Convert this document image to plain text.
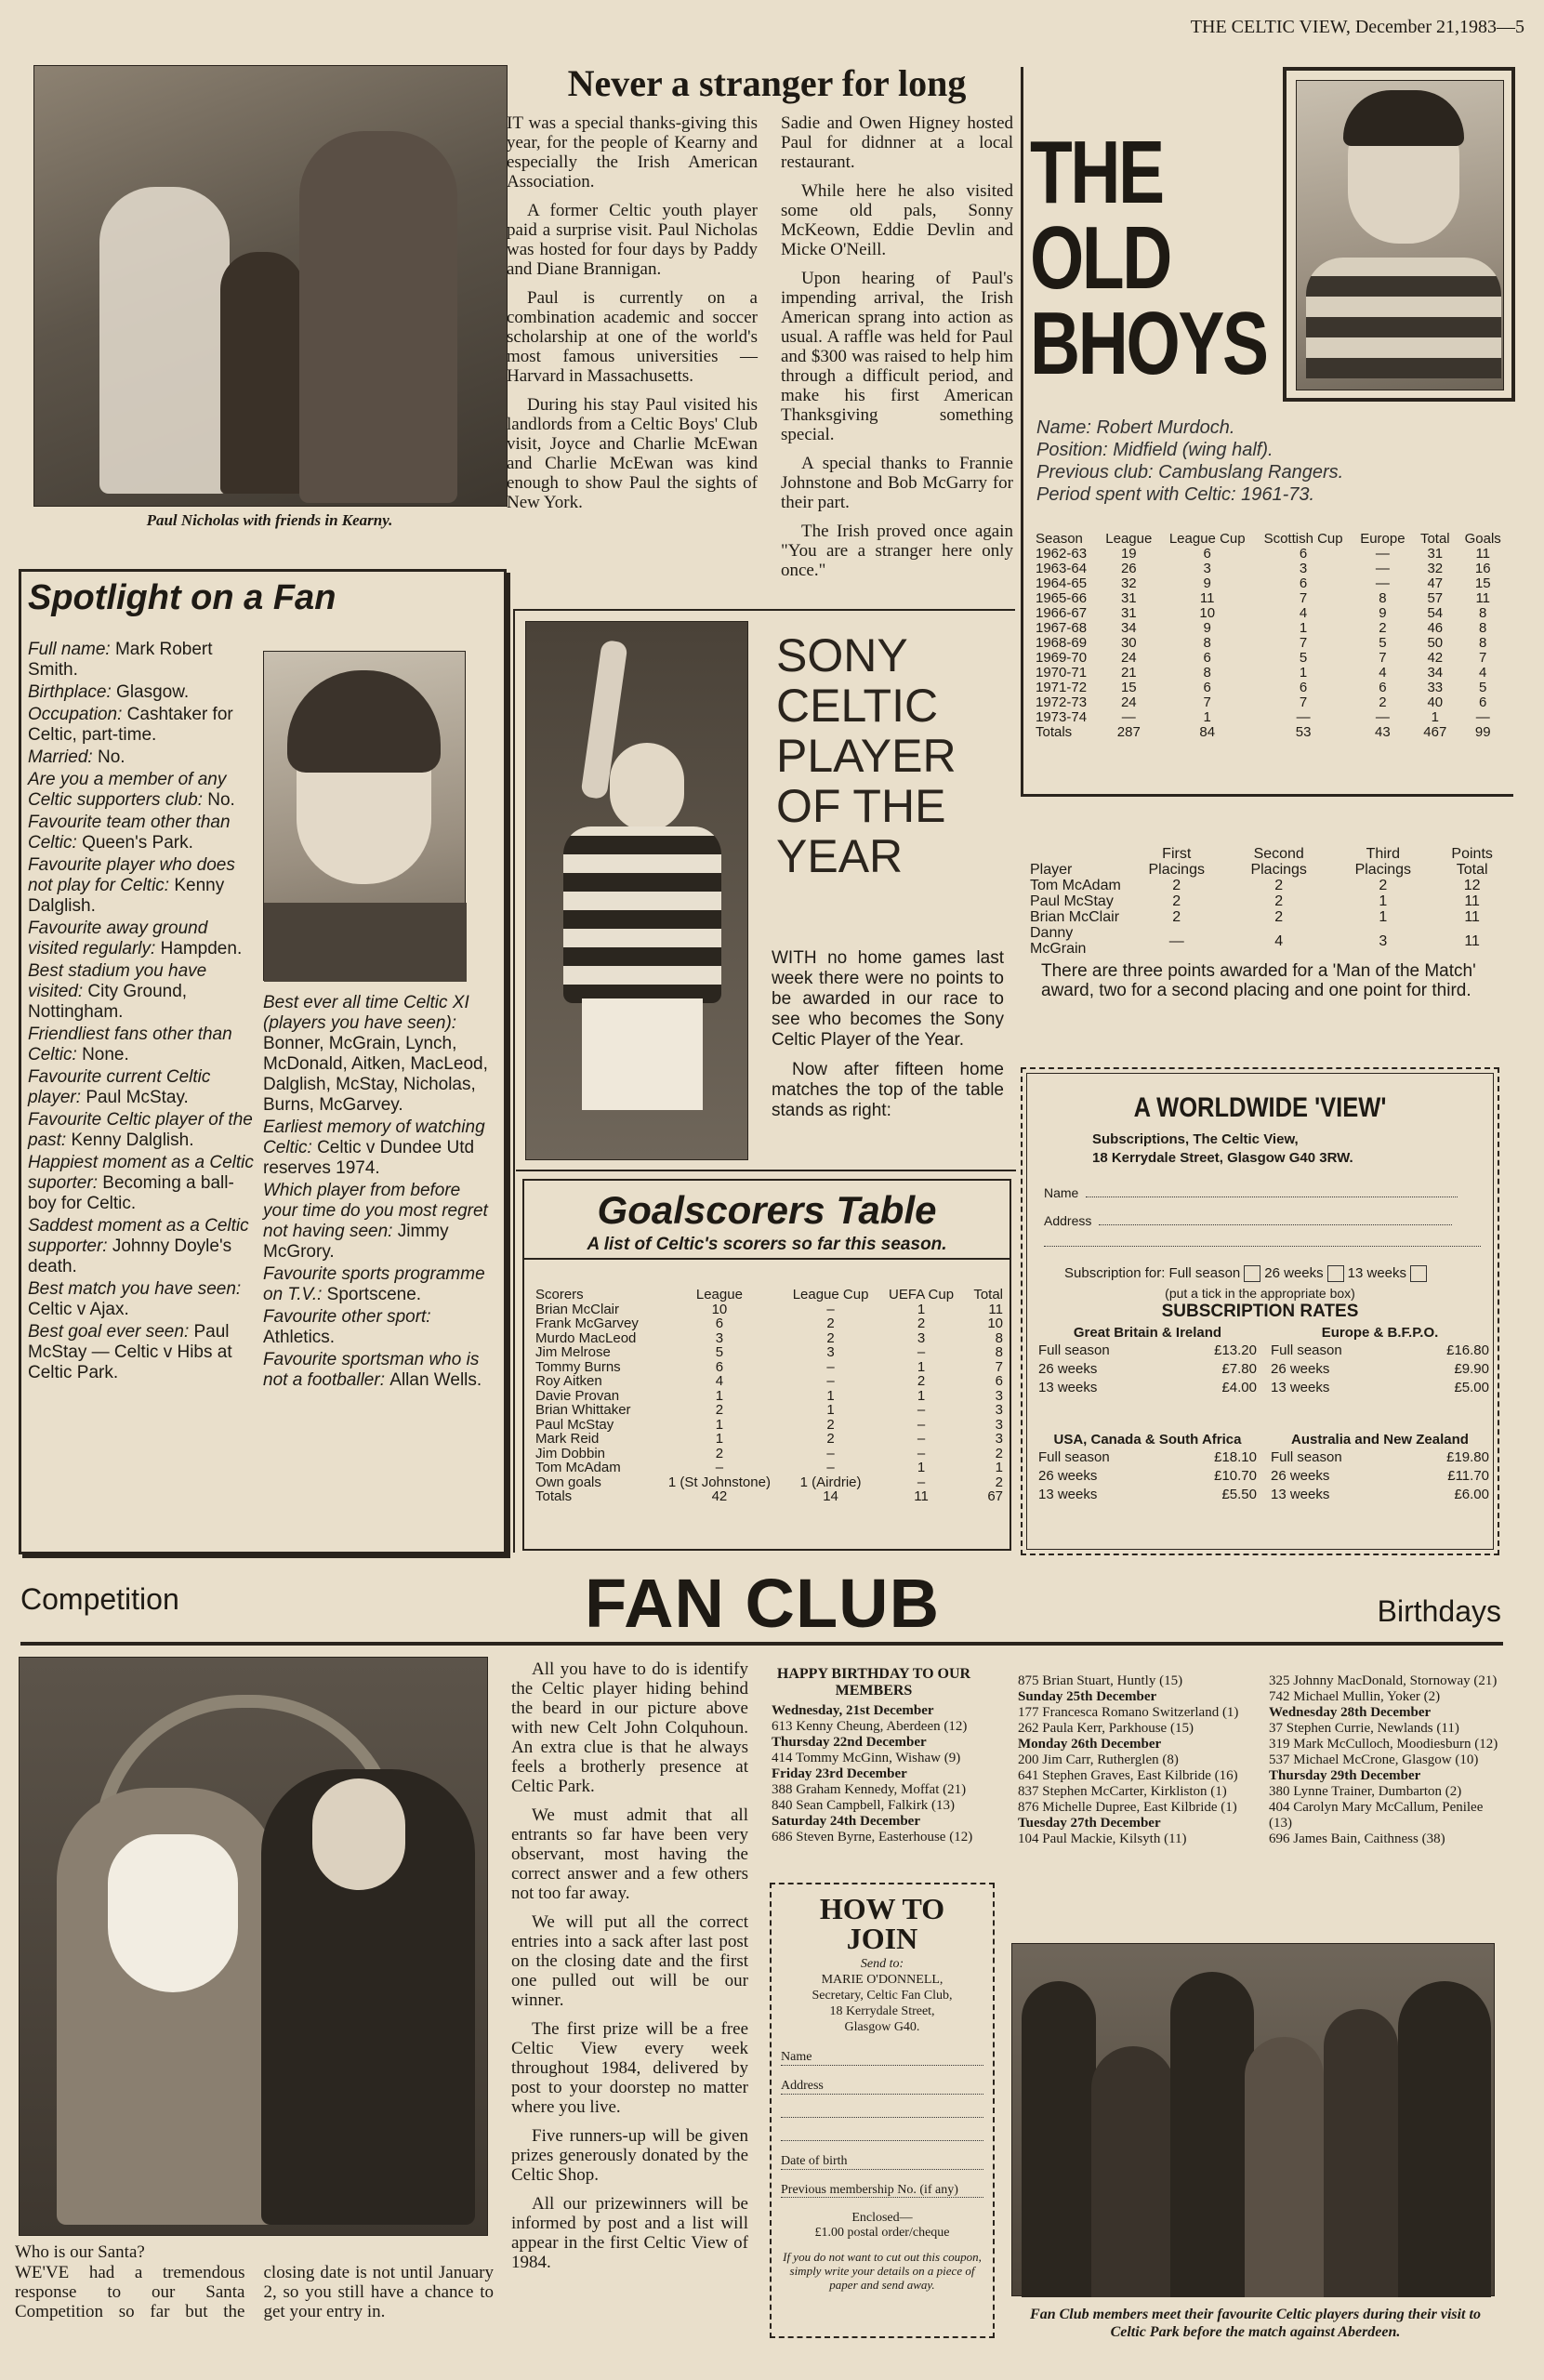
THE CELTIC VIEW, December 21,1983—5
Paul Nicholas with friends in Kearny.
Never a stranger for long

IT was a special thanks-giving this year, for the people of Kearny and especially the Irish American Association.

A former Celtic youth player paid a surprise visit. Paul Nicholas was hosted for four days by Paddy and Diane Brannigan.

Paul is currently on a combination academic and soccer scholarship at one of the world's most famous universities — Harvard in Massachusetts.

During his stay Paul visited his landlords from a Celtic Boys' Club visit, Joyce and Charlie McEwan and Charlie McEwan was kind enough to show Paul the sights of New York.

Sadie and Owen Higney hosted Paul for didnner at a local restaurant.

While here he also visited some old pals, Sonny McKeown, Eddie Devlin and Micke O'Neill.

Upon hearing of Paul's impending arrival, the Irish American sprang into action as usual. A raffle was held for Paul and $300 was raised to help him through a difficult period, and make his first American Thanksgiving something special.

A special thanks to Frannie Johnstone and Bob McGarry for their part.

The Irish proved once again "You are a stranger here only once."

THE
OLD
BHOYS
Name: Robert Murdoch.
Position: Midfield (wing half).
Previous club: Cambuslang Rangers.
Period spent with Celtic: 1961-73.
Season	League	League Cup	Scottish Cup	Europe	Total	Goals
1962-63	19	6	6	—	31	11
1963-64	26	3	3	—	32	16
1964-65	32	9	6	—	47	15
1965-66	31	11	7	8	57	11
1966-67	31	10	4	9	54	8
1967-68	34	9	1	2	46	8
1968-69	30	8	7	5	50	8
1969-70	24	6	5	7	42	7
1970-71	21	8	1	4	34	4
1971-72	15	6	6	6	33	5
1972-73	24	7	7	2	40	6
1973-74	—	1	—	—	1	—
Totals	287	84	53	43	467	99
Spotlight on a Fan
Full name: Mark Robert Smith.
Birthplace: Glasgow.
Occupation: Cashtaker for Celtic, part-time.
Married: No.
Are you a member of any Celtic supporters club: No.
Favourite team other than Celtic: Queen's Park.
Favourite player who does not play for Celtic: Kenny Dalglish.
Favourite away ground visited regularly: Hampden.
Best stadium you have visited: City Ground, Nottingham.
Friendliest fans other than Celtic: None.
Favourite current Celtic player: Paul McStay.
Favourite Celtic player of the past: Kenny Dalglish.
Happiest moment as a Celtic suporter: Becoming a ball-boy for Celtic.
Saddest moment as a Celtic supporter: Johnny Doyle's death.
Best match you have seen: Celtic v Ajax.
Best goal ever seen: Paul McStay — Celtic v Hibs at Celtic Park.
Best ever all time Celtic XI (players you have seen): Bonner, McGrain, Lynch, McDonald, Aitken, MacLeod, Dalglish, McStay, Nicholas, Burns, McGarvey.
Earliest memory of watching Celtic: Celtic v Dundee Utd reserves 1974.
Which player from before your time do you most regret not having seen: Jimmy McGrory.
Favourite sports programme on T.V.: Sportscene.
Favourite other sport: Athletics.
Favourite sportsman who is not a footballer: Allan Wells.
SONY
CELTIC
PLAYER
OF THE
YEAR

WITH no home games last week there were no points to be awarded in our race to see who becomes the Sony Celtic Player of the Year.

Now after fifteen home matches the top of the table stands as right:

Player	First Placings	Second Placings	Third Placings	Points Total
Tom McAdam	2	2	2	12
Paul McStay	2	2	1	11
Brian McClair	2	2	1	11
Danny McGrain	—	4	3	11
There are three points awarded for a 'Man of the Match' award, two for a second placing and one point for third.
Goalscorers Table
A list of Celtic's scorers so far this season.
Scorers	League	League Cup	UEFA Cup	Total
Brian McClair	10	–	1	11
Frank McGarvey	6	2	2	10
Murdo MacLeod	3	2	3	8
Jim Melrose	5	3	–	8
Tommy Burns	6	–	1	7
Roy Aitken	4	–	2	6
Davie Provan	1	1	1	3
Brian Whittaker	2	1	–	3
Paul McStay	1	2	–	3
Mark Reid	1	2	–	3
Jim Dobbin	2	–	–	2
Tom McAdam	–	–	1	1
Own goals	1 (St Johnstone)	1 (Airdrie)	–	2
Totals	42	14	11	67
A WORLDWIDE 'VIEW'
Subscriptions, The Celtic View,
18 Kerrydale Street, Glasgow G40 3RW.
Name
Address
Subscription for: Full season 26 weeks 13 weeks
(put a tick in the appropriate box)
SUBSCRIPTION RATES
Great Britain & Ireland
Full season	£13.20
26 weeks	£7.80
13 weeks	£4.00
Europe & B.F.P.O.
Full season	£16.80
26 weeks	£9.90
13 weeks	£5.00
USA, Canada & South Africa
Full season	£18.10
26 weeks	£10.70
13 weeks	£5.50
Australia and New Zealand
Full season	£19.80
26 weeks	£11.70
13 weeks	£6.00
Competition	FAN CLUB	Birthdays
Who is our Santa?
WE'VE had a tremendous response to our Santa Competition so far but the closing date is not until January 2, so you still have a chance to get your entry in.

All you have to do is identify the Celtic player hiding behind the beard in our picture above with new Celt John Colquhoun. An extra clue is that he always feels a brotherly presence at Celtic Park.

We must admit that all entrants so far have been very observant, most having the correct answer and a few others not too far away.

We will put all the correct entries into a sack after last post on the closing date and the first one pulled out will be our winner.

The first prize will be a free Celtic View every week throughout 1984, delivered by post to your doorstep no matter where you live.

Five runners-up will be given prizes generously donated by the Celtic Shop.

All our prizewinners will be informed by post and a list will appear in the first Celtic View of 1984.

HAPPY BIRTHDAY TO OUR MEMBERS
Wednesday, 21st December
613 Kenny Cheung, Aberdeen (12)
Thursday 22nd December
414 Tommy McGinn, Wishaw (9)
Friday 23rd December
388 Graham Kennedy, Moffat (21)
840 Sean Campbell, Falkirk (13)
Saturday 24th December
686 Steven Byrne, Easterhouse (12)
875 Brian Stuart, Huntly (15)
Sunday 25th December
177 Francesca Romano Switzerland (1)
262 Paula Kerr, Parkhouse (15)
Monday 26th December
200 Jim Carr, Rutherglen (8)
641 Stephen Graves, East Kilbride (16)
837 Stephen McCarter, Kirkliston (1)
876 Michelle Dupree, East Kilbride (1)
Tuesday 27th December
104 Paul Mackie, Kilsyth (11)
325 Johnny MacDonald, Stornoway (21)
742 Michael Mullin, Yoker (2)
Wednesday 28th December
37 Stephen Currie, Newlands (11)
319 Mark McCulloch, Moodiesburn (12)
537 Michael McCrone, Glasgow (10)
Thursday 29th December
380 Lynne Trainer, Dumbarton (2)
404 Carolyn Mary McCallum, Penilee (13)
696 James Bain, Caithness (38)
HOW TO JOIN
Send to:
MARIE O'DONNELL,
Secretary, Celtic Fan Club,
18 Kerrydale Street,
Glasgow G40.
Name
Address
Date of birth
Previous membership No. (if any)
Enclosed—
£1.00 postal order/cheque
If you do not want to cut out this coupon, simply write your details on a piece of paper and send away.
Fan Club members meet their favourite Celtic players during their visit to Celtic Park before the match against Aberdeen.
